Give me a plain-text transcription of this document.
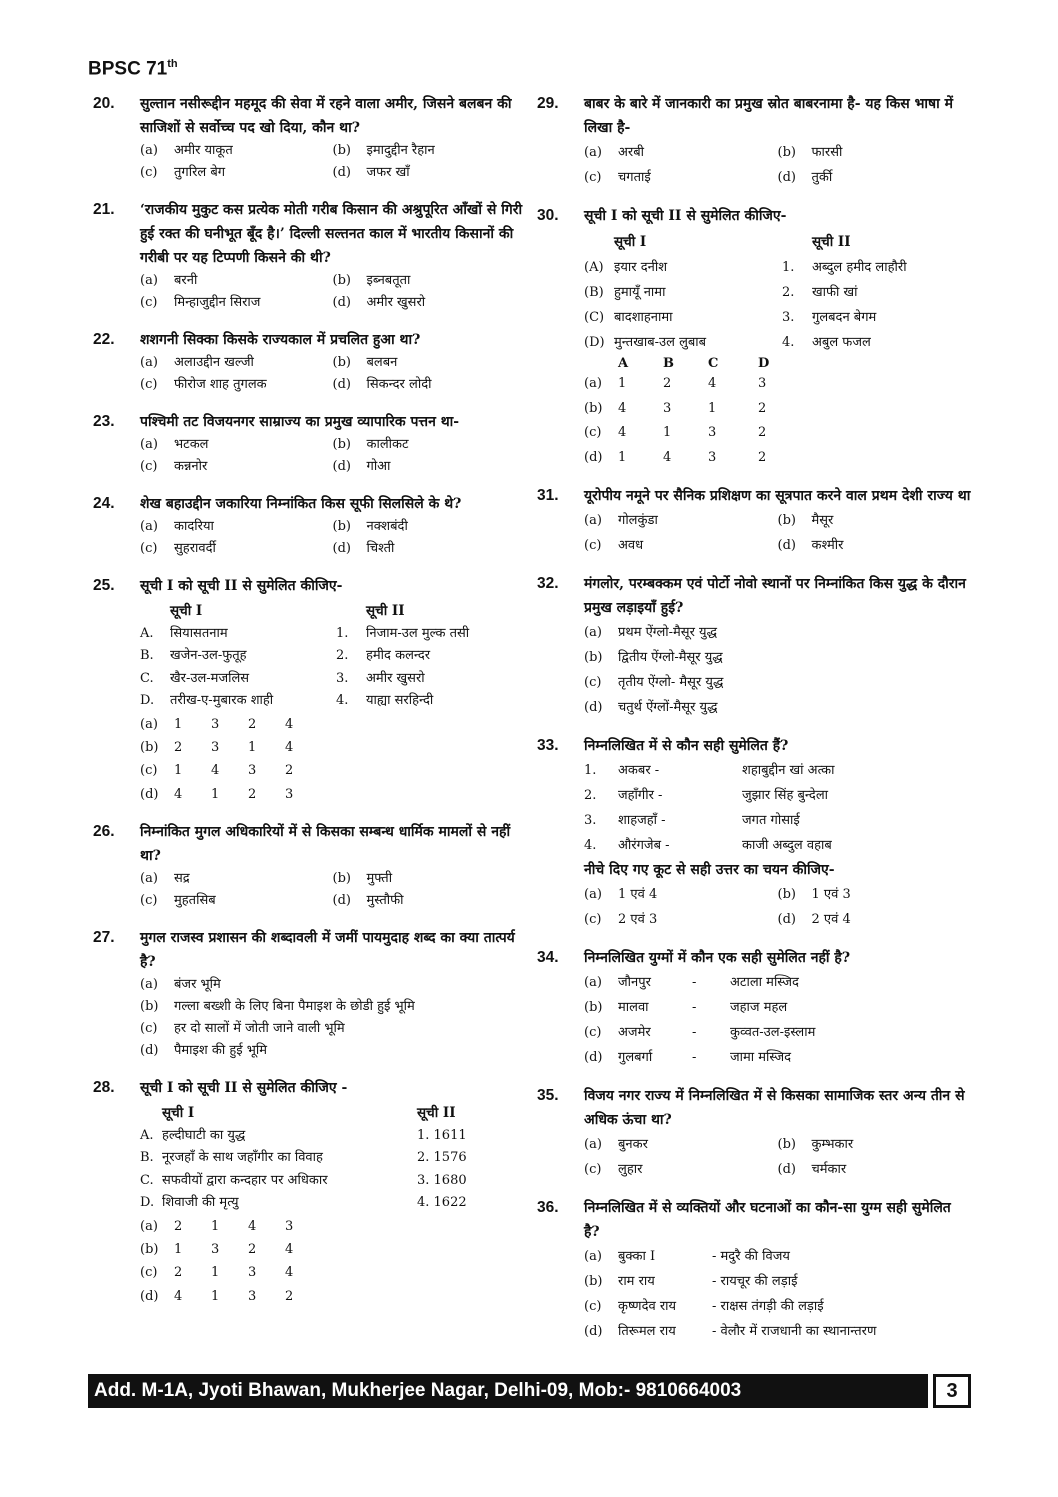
BPSC 71th
20. सुल्तान नसीरूद्दीन महमूद की सेवा में रहने वाला अमीर, जिसने बलबन की साजिशों से सर्वोच्च पद खो दिया, कौन था?
(a) अमीर याकूत	(b) इमादुद्दीन रैहान
(c) तुगरिल बेग	(d) जफर खाँ
21. ‘राजकीय मुकुट कस प्रत्येक मोती गरीब किसान की अश्रुपूरित आँखों से गिरी हुई रक्त की घनीभूत बूँद है।’ दिल्ली सल्तनत काल में भारतीय किसानों की गरीबी पर यह टिप्पणी किसने की थी?
(a) बरनी	(b) इब्नबतूता
(c) मिन्हाजुद्दीन सिराज	(d) अमीर खुसरो
22. शशगनी सिक्का किसके राज्यकाल में प्रचलित हुआ था?
(a) अलाउद्दीन खल्जी	(b) बलबन
(c) फीरोज शाह तुगलक	(d) सिकन्दर लोदी
23. पश्चिमी तट विजयनगर साम्राज्य का प्रमुख व्यापारिक पत्तन था-
(a) भटकल	(b) कालीकट
(c) कन्ननोर	(d) गोआ
24. शेख बहाउद्दीन जकारिया निम्नांकित किस सूफी सिलसिले के थे?
(a) कादरिया	(b) नक्शबंदी
(c) सुहरावर्दी	(d) चिश्ती
25. सूची I को सूची II से सुमेलित कीजिए-
	सूची I		सूची II
A.	सियासतनाम	1.	निजाम-उल मुल्क तसी
B.	खजेन-उल-फुतूह	2.	हमीद कलन्दर
C.	खैर-उल-मजलिस	3.	अमीर खुसरो
D.	तरीख-ए-मुबारक शाही	4.	याह्या सरहिन्दी
(a) 1 3 2 4
(b) 2 3 1 4
(c) 1 4 3 2
(d) 4 1 2 3
26. निम्नांकित मुगल अधिकारियों में से किसका सम्बन्ध धार्मिक मामलों से नहीं था?
(a) सद्र	(b) मुफ्ती
(c) मुहतसिब	(d) मुस्तौफी
27. मुगल राजस्व प्रशासन की शब्दावली में जमीं पायमुदाह शब्द का क्या तात्पर्य है?
(a) बंजर भूमि
(b) गल्ला बख्शी के लिए बिना पैमाइश के छोडी हुई भूमि
(c) हर दो सालों में जोती जाने वाली भूमि
(d) पैमाइश की हुई भूमि
28. सूची I को सूची II से सुमेलित कीजिए -
	सूची I	सूची II
A.	हल्दीघाटी का युद्ध	1. 1611
B.	नूरजहाँ के साथ जहाँगीर का विवाह	2. 1576
C.	सफवीयों द्वारा कन्दहार पर अधिकार	3. 1680
D.	शिवाजी की मृत्यु	4. 1622
(a) 2 1 4 3
(b) 1 3 2 4
(c) 2 1 3 4
(d) 4 1 3 2
29. बाबर के बारे में जानकारी का प्रमुख स्रोत बाबरनामा है- यह किस भाषा में लिखा है-
(a) अरबी	(b) फारसी
(c) चगताई	(d) तुर्की
30. सूची I को सूची II से सुमेलित कीजिए-
	सूची I		सूची II
(A)	इयार दनीश	1.	अब्दुल हमीद लाहौरी
(B)	हुमायूँ नामा	2.	खाफी खां
(C)	बादशाहनामा	3.	गुलबदन बेगम
(D)	मुन्तखाब-उल लुबाब	4.	अबुल फजल
A	B	C	D
(a) 1	2	4	3
(b) 4	3	1	2
(c) 4	1	3	2
(d) 1	4	3	2
31. यूरोपीय नमूने पर सैनिक प्रशिक्षण का सूत्रपात करने वाल प्रथम देशी राज्य था
(a) गोलकुंडा	(b) मैसूर
(c) अवध	(d) कश्मीर
32. मंगलोर, परम्बक्कम एवं पोर्टो नोवो स्थानों पर निम्नांकित किस युद्ध के दौरान प्रमुख लड़ाइयाँ हुई?
(a) प्रथम ऐंग्लो-मैसूर युद्ध
(b) द्वितीय ऐंग्लो-मैसूर युद्ध
(c) तृतीय ऐंग्लो- मैसूर युद्ध
(d) चतुर्थ ऐंग्लों-मैसूर युद्ध
33. निम्नलिखित में से कौन सही सुमेलित हैं?
1. अकबर -	शहाबुद्दीन खां अत्का
2. जहाँगीर -	जुझार सिंह बुन्देला
3. शाहजहाँ -	जगत गोसाई
4. औरंगजेब -	काजी अब्दुल वहाब
नीचे दिए गए कूट से सही उत्तर का चयन कीजिए-
(a) 1 एवं 4	(b) 1 एवं 3
(c) 2 एवं 3	(d) 2 एवं 4
34. निम्नलिखित युग्मों में कौन एक सही सुमेलित नहीं है?
(a) जौनपुर	-	अटाला मस्जिद
(b) मालवा	-	जहाज महल
(c) अजमेर	-	कुव्वत-उल-इस्लाम
(d) गुलबर्गा	-	जामा मस्जिद
35. विजय नगर राज्य में निम्नलिखित में से किसका सामाजिक स्तर अन्य तीन से अधिक ऊंचा था?
(a) बुनकर	(b) कुम्भकार
(c) लुहार	(d) चर्मकार
36. निम्नलिखित में से व्यक्तियों और घटनाओं का कौन-सा युग्म सही सुमेलित है?
(a) बुक्का I	- मदुरै की विजय
(b) राम राय	- रायचूर की लड़ाई
(c) कृष्णदेव राय	- राक्षस तंगड़ी की लड़ाई
(d) तिरूमल राय	- वेलौर में राजधानी का स्थानान्तरण
Add. M-1A, Jyoti Bhawan, Mukherjee Nagar, Delhi-09, Mob:- 9810664003	3
